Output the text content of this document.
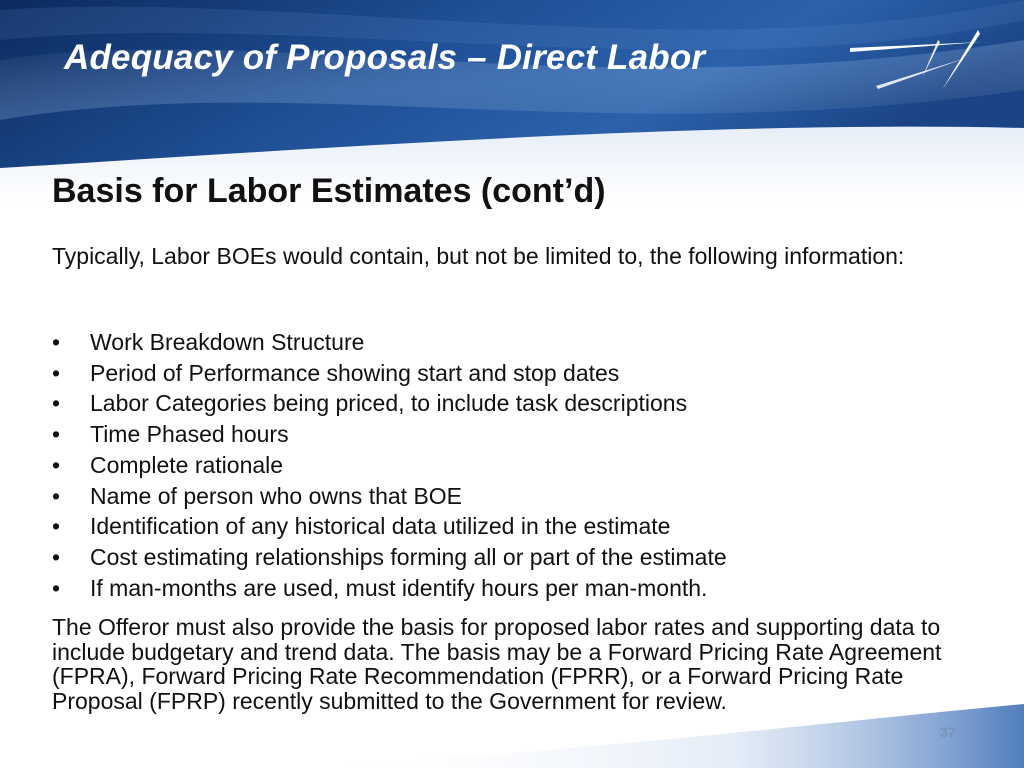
Adequacy of Proposals – Direct Labor
Basis for Labor Estimates (cont’d)

Typically, Labor BOEs would contain, but not be limited to, the following information:

•	Work Breakdown Structure
•	Period of Performance showing start and stop dates
•	Labor Categories being priced, to include task descriptions
•	Time Phased hours
•	Complete rationale
•	Name of person who owns that BOE
•	Identification of any historical data utilized in the estimate
•	Cost estimating relationships forming all or part of the estimate
•	If man-months are used, must identify hours per man-month.

The Offeror must also provide the basis for proposed labor rates and supporting data to include budgetary and trend data. The basis may be a Forward Pricing Rate Agreement (FPRA), Forward Pricing Rate Recommendation (FPRR), or a Forward Pricing Rate Proposal (FPRP) recently submitted to the Government for review.

37
